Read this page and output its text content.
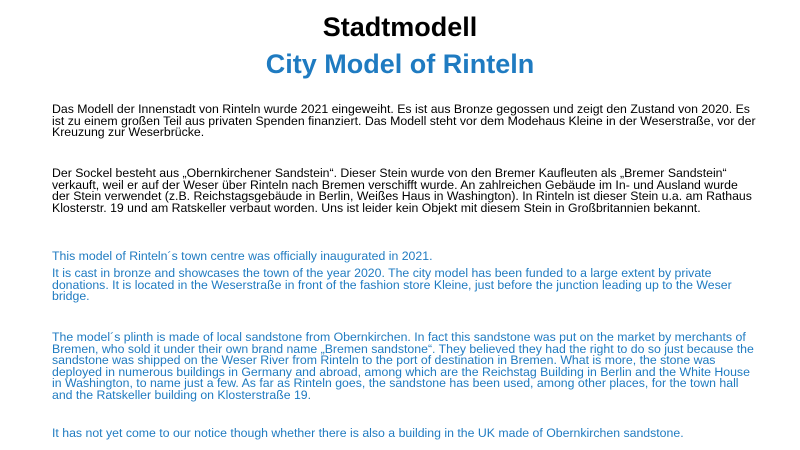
Stadtmodell
City Model of Rinteln

Das Modell der Innenstadt von Rinteln wurde 2021 eingeweiht. Es ist aus Bronze gegossen und zeigt den Zustand von 2020. Es ist zu einem großen Teil aus privaten Spenden finanziert. Das Modell steht vor dem Modehaus Kleine in der Weserstraße, vor der Kreuzung zur Weserbrücke.

Der Sockel besteht aus „Obernkirchener Sandstein“. Dieser Stein wurde von den Bremer Kaufleuten als „Bremer Sandstein“ verkauft, weil er auf der Weser über Rinteln nach Bremen verschifft wurde. An zahlreichen Gebäude im In- und Ausland wurde der Stein verwendet (z.B. Reichstagsgebäude in Berlin, Weißes Haus in Washington). In Rinteln ist dieser Stein u.a. am Rathaus Klosterstr. 19 und am Ratskeller verbaut worden. Uns ist leider kein Objekt mit diesem Stein in Großbritannien bekannt.

This model of Rinteln´s town centre was officially inaugurated in 2021.

It is cast in bronze and showcases the town of the year 2020. The city model has been funded to a large extent by private donations. It is located in the Weserstraße in front of the fashion store Kleine, just before the junction leading up to the Weser bridge.

The model´s plinth is made of local sandstone from Obernkirchen. In fact this sandstone was put on the market by merchants of Bremen, who sold it under their own brand name „Bremen sandstone“. They believed they had the right to do so just because the sandstone was shipped on the Weser River from Rinteln to the port of destination in Bremen. What is more, the stone was deployed in numerous buildings in Germany and abroad, among which are the Reichstag Building in Berlin and the White House in Washington, to name just a few. As far as Rinteln goes, the sandstone has been used, among other places, for the town hall and the Ratskeller building on Klosterstraße 19.

It has not yet come to our notice though whether there is also a building in the UK made of Obernkirchen sandstone.
